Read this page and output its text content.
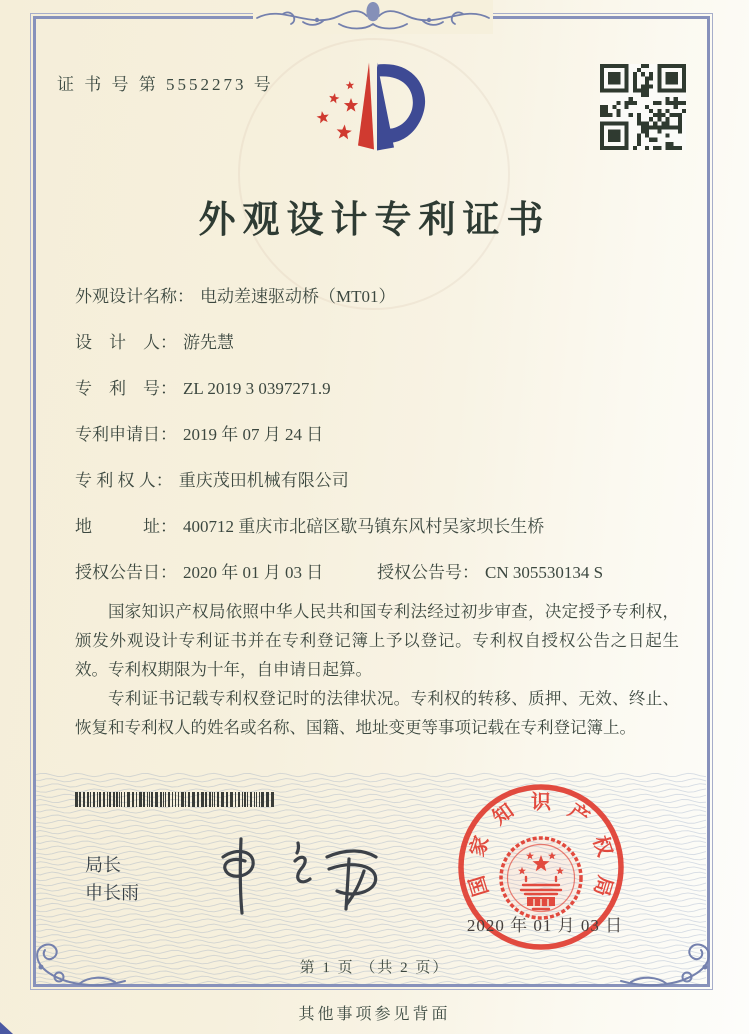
证 书 号 第 5552273 号
外观设计专利证书
外观设计名称： 电动差速驱动桥（MT01）
设　计　人： 游先慧
专　利　号： ZL 2019 3 0397271.9
专利申请日： 2019 年 07 月 24 日
专 利 权 人： 重庆茂田机械有限公司
地　　　址： 400712 重庆市北碚区歇马镇东风村吴家坝长生桥
授权公告日： 2020 年 01 月 03 日	授权公告号： CN 305530134 S

国家知识产权局依照中华人民共和国专利法经过初步审查，决定授予专利权，颁发外观设计专利证书并在专利登记簿上予以登记。专利权自授权公告之日起生效。专利权期限为十年，自申请日起算。

专利证书记载专利权登记时的法律状况。专利权的转移、质押、无效、终止、恢复和专利权人的姓名或名称、国籍、地址变更等事项记载在专利登记簿上。

局长
申长雨	国
家
知 识 产
权
局
2020 年 01 月 03 日
第 1 页 （共 2 页）
其他事项参见背面
